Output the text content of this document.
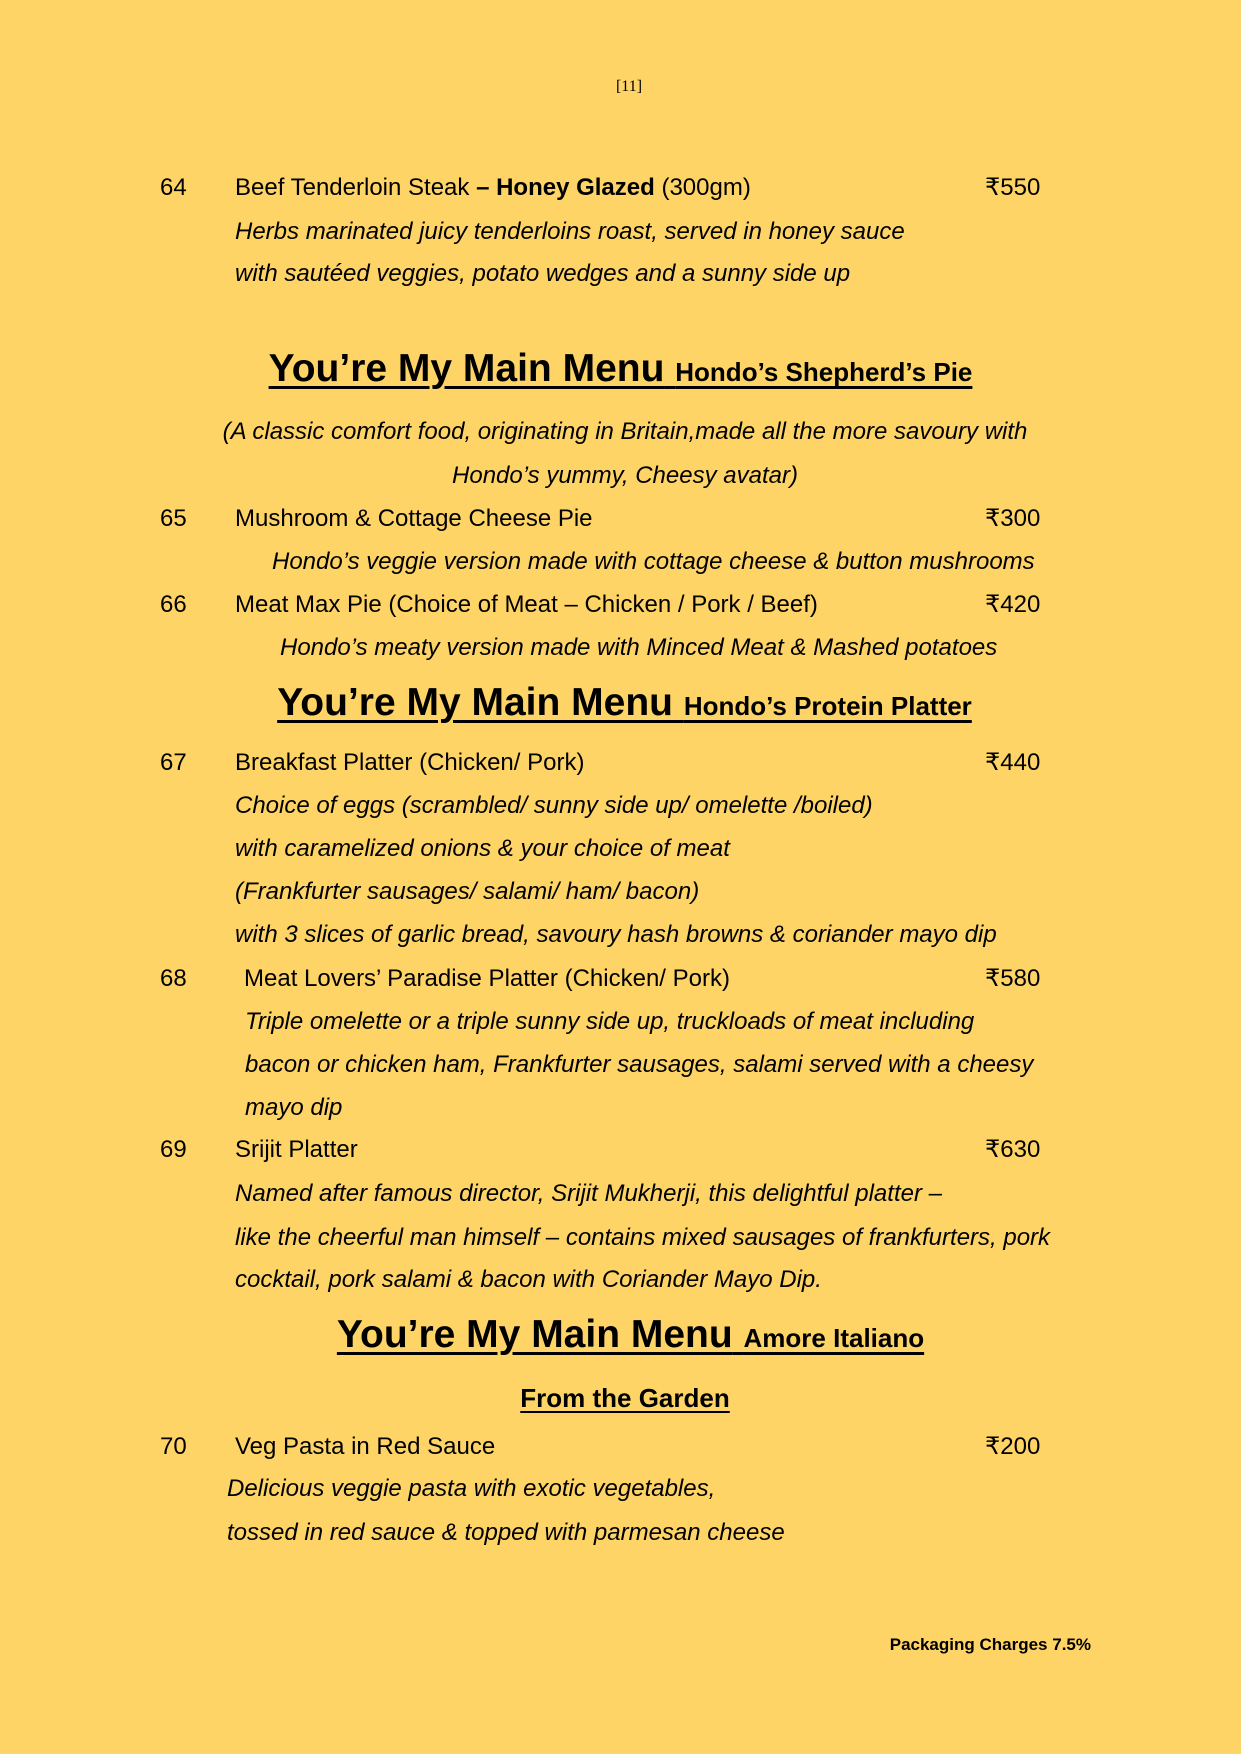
[11]
64 Beef Tenderloin Steak – Honey Glazed (300gm)	₹550
Herbs marinated juicy tenderloins roast, served in honey sauce
with sautéed veggies, potato wedges and a sunny side up
You’re My Main Menu Hondo’s Shepherd’s Pie
(A classic comfort food, originating in Britain,made all the more savoury with
Hondo’s yummy, Cheesy avatar)
65 Mushroom & Cottage Cheese Pie	₹300
Hondo’s veggie version made with cottage cheese & button mushrooms
66 Meat Max Pie (Choice of Meat – Chicken / Pork / Beef)	₹420
Hondo’s meaty version made with Minced Meat & Mashed potatoes
You’re My Main Menu Hondo’s Protein Platter
67 Breakfast Platter (Chicken/ Pork)	₹440
Choice of eggs (scrambled/ sunny side up/ omelette /boiled)
with caramelized onions & your choice of meat
(Frankfurter sausages/ salami/ ham/ bacon)
with 3 slices of garlic bread, savoury hash browns & coriander mayo dip
68 Meat Lovers’ Paradise Platter (Chicken/ Pork)	₹580
Triple omelette or a triple sunny side up, truckloads of meat including
bacon or chicken ham, Frankfurter sausages, salami served with a cheesy
mayo dip
69 Srijit Platter	₹630
Named after famous director, Srijit Mukherji, this delightful platter –
like the cheerful man himself – contains mixed sausages of frankfurters, pork
cocktail, pork salami & bacon with Coriander Mayo Dip.
You’re My Main Menu Amore Italiano
From the Garden
70 Veg Pasta in Red Sauce	₹200
Delicious veggie pasta with exotic vegetables,
tossed in red sauce & topped with parmesan cheese
Packaging Charges 7.5%
